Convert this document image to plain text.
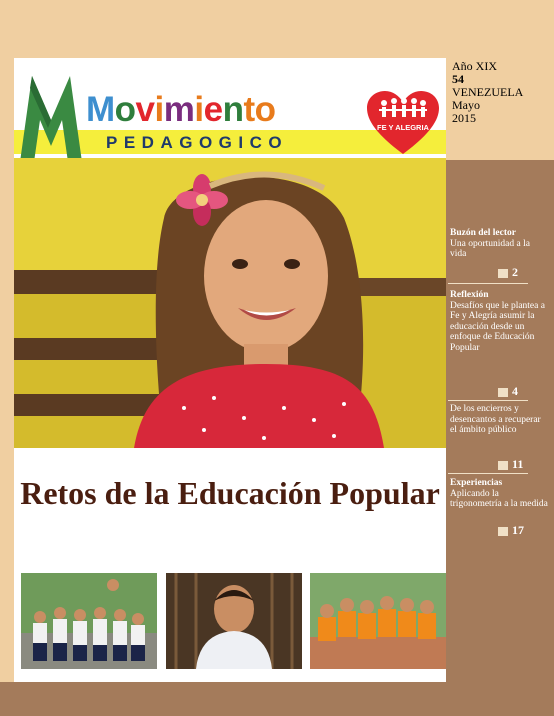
Movimiento
PEDAGOGICO
FE Y ALEGRIA
Año XIX
54
VENEZUELA
Mayo
2015
Retos de la Educación Popular
Buzón del lector
Una oportunidad a la vida
2
Reflexión
Desafíos que le plantea a Fe y Alegría asumir la educación desde un enfoque de Educación Popular
4
De los encierros y desencantos a recuperar el ámbito público
11
Experiencias
Aplicando la trigonometría a la medida
17
